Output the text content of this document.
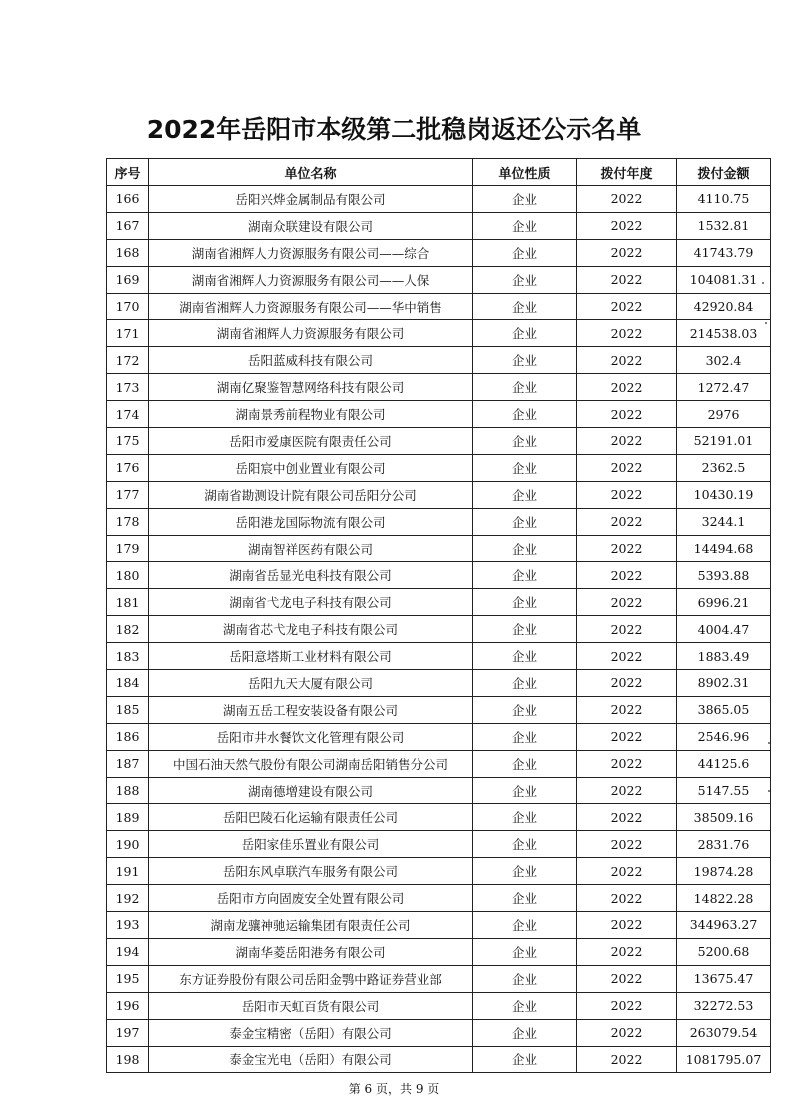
2022年岳阳市本级第二批稳岗返还公示名单
序号	单位名称	单位性质	拨付年度	拨付金额
166	岳阳兴烨金属制品有限公司	企业	2022	4110.75
167	湖南众联建设有限公司	企业	2022	1532.81
168	湖南省湘辉人力资源服务有限公司——综合	企业	2022	41743.79
169	湖南省湘辉人力资源服务有限公司——人保	企业	2022	104081.31
170	湖南省湘辉人力资源服务有限公司——华中销售	企业	2022	42920.84
171	湖南省湘辉人力资源服务有限公司	企业	2022	214538.03
172	岳阳蓝威科技有限公司	企业	2022	302.4
173	湖南亿聚鉴智慧网络科技有限公司	企业	2022	1272.47
174	湖南景秀前程物业有限公司	企业	2022	2976
175	岳阳市爱康医院有限责任公司	企业	2022	52191.01
176	岳阳宸中创业置业有限公司	企业	2022	2362.5
177	湖南省勘测设计院有限公司岳阳分公司	企业	2022	10430.19
178	岳阳港龙国际物流有限公司	企业	2022	3244.1
179	湖南智祥医药有限公司	企业	2022	14494.68
180	湖南省岳显光电科技有限公司	企业	2022	5393.88
181	湖南省弋龙电子科技有限公司	企业	2022	6996.21
182	湖南省芯弋龙电子科技有限公司	企业	2022	4004.47
183	岳阳意塔斯工业材料有限公司	企业	2022	1883.49
184	岳阳九天大厦有限公司	企业	2022	8902.31
185	湖南五岳工程安装设备有限公司	企业	2022	3865.05
186	岳阳市井水餐饮文化管理有限公司	企业	2022	2546.96
187	中国石油天然气股份有限公司湖南岳阳销售分公司	企业	2022	44125.6
188	湖南德增建设有限公司	企业	2022	5147.55
189	岳阳巴陵石化运输有限责任公司	企业	2022	38509.16
190	岳阳家佳乐置业有限公司	企业	2022	2831.76
191	岳阳东风卓联汽车服务有限公司	企业	2022	19874.28
192	岳阳市方向固废安全处置有限公司	企业	2022	14822.28
193	湖南龙骧神驰运输集团有限责任公司	企业	2022	344963.27
194	湖南华菱岳阳港务有限公司	企业	2022	5200.68
195	东方证券股份有限公司岳阳金鹗中路证券营业部	企业	2022	13675.47
196	岳阳市天虹百货有限公司	企业	2022	32272.53
197	泰金宝精密（岳阳）有限公司	企业	2022	263079.54
198	泰金宝光电（岳阳）有限公司	企业	2022	1081795.07
第 6 页，共 9 页
